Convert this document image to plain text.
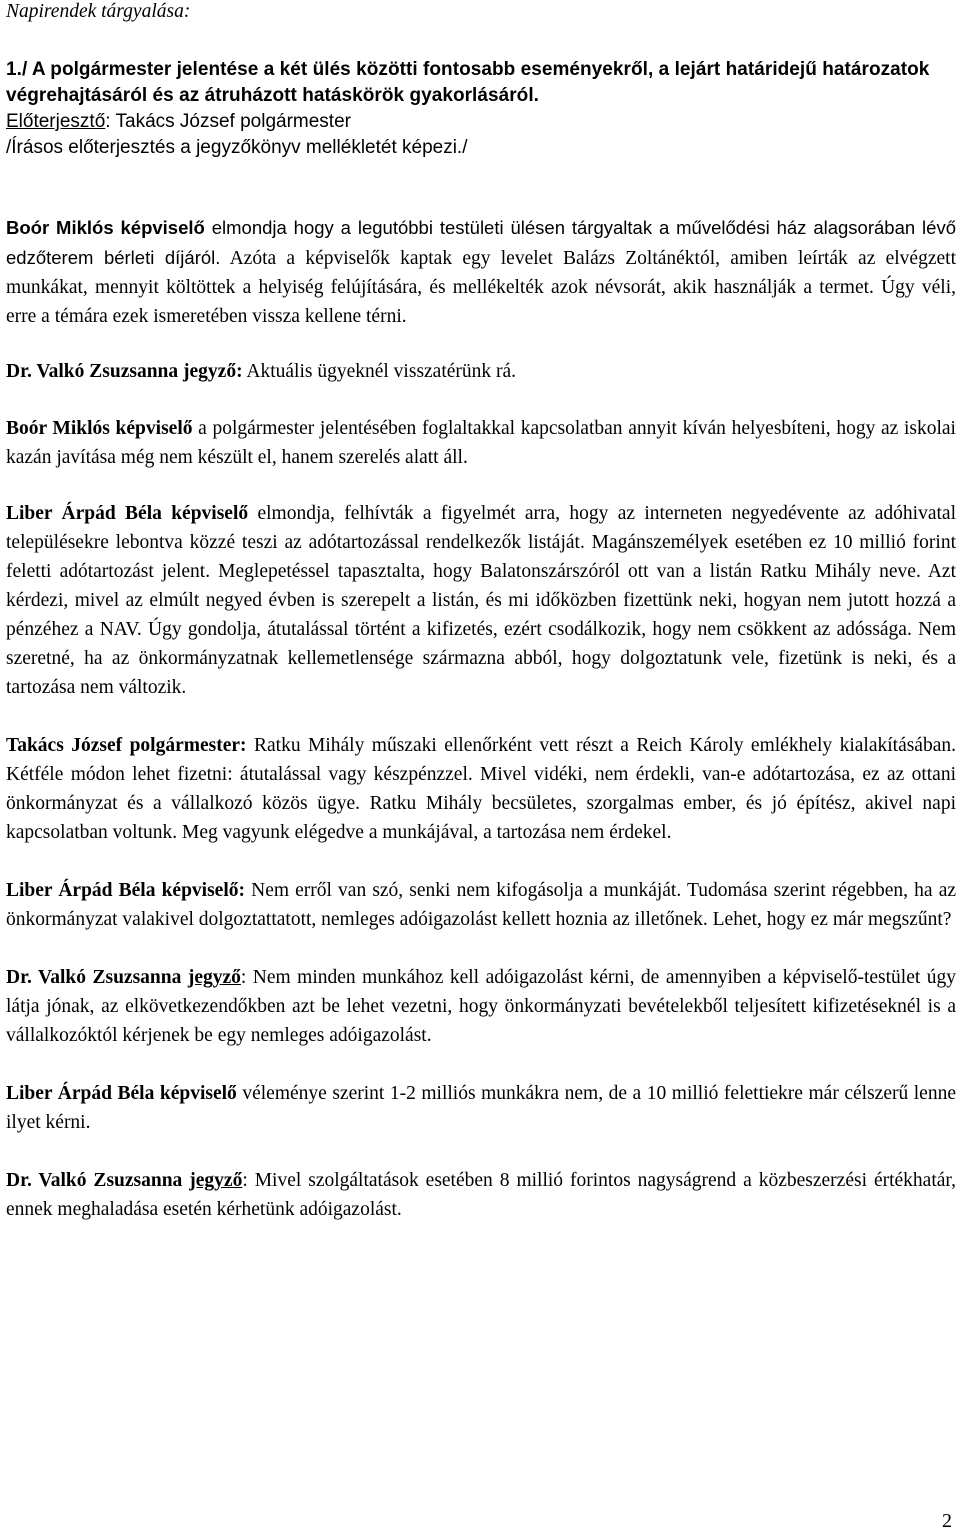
Napirendek tárgyalása:
1./ A polgármester jelentése a két ülés közötti fontosabb eseményekről, a lejárt határidejű határozatok végrehajtásáról és az átruházott hatáskörök gyakorlásáról.
Előterjesztő: Takács József polgármester
/Írásos előterjesztés a jegyzőkönyv mellékletét képezi./

Boór Miklós képviselő elmondja hogy a legutóbbi testületi ülésen tárgyaltak a művelődési ház alagsorában lévő edzőterem bérleti díjáról. Azóta a képviselők kaptak egy levelet Balázs Zoltánéktól, amiben leírták az elvégzett munkákat, mennyit költöttek a helyiség felújítására, és mellékelték azok névsorát, akik használják a termet. Úgy véli, erre a témára ezek ismeretében vissza kellene térni.

Dr. Valkó Zsuzsanna jegyző: Aktuális ügyeknél visszatérünk rá.

Boór Miklós képviselő a polgármester jelentésében foglaltakkal kapcsolatban annyit kíván helyesbíteni, hogy az iskolai kazán javítása még nem készült el, hanem szerelés alatt áll.

Liber Árpád Béla képviselő elmondja, felhívták a figyelmét arra, hogy az interneten negyedévente az adóhivatal településekre lebontva közzé teszi az adótartozással rendelkezők listáját. Magánszemélyek esetében ez 10 millió forint feletti adótartozást jelent. Meglepetéssel tapasztalta, hogy Balatonszárszóról ott van a listán Ratku Mihály neve. Azt kérdezi, mivel az elmúlt negyed évben is szerepelt a listán, és mi időközben fizettünk neki, hogyan nem jutott hozzá a pénzéhez a NAV. Úgy gondolja, átutalással történt a kifizetés, ezért csodálkozik, hogy nem csökkent az adóssága. Nem szeretné, ha az önkormányzatnak kellemetlensége származna abból, hogy dolgoztatunk vele, fizetünk is neki, és a tartozása nem változik.

Takács József polgármester: Ratku Mihály műszaki ellenőrként vett részt a Reich Károly emlékhely kialakításában. Kétféle módon lehet fizetni: átutalással vagy készpénzzel. Mivel vidéki, nem érdekli, van-e adótartozása, ez az ottani önkormányzat és a vállalkozó közös ügye. Ratku Mihály becsületes, szorgalmas ember, és jó építész, akivel napi kapcsolatban voltunk. Meg vagyunk elégedve a munkájával, a tartozása nem érdekel.

Liber Árpád Béla képviselő: Nem erről van szó, senki nem kifogásolja a munkáját. Tudomása szerint régebben, ha az önkormányzat valakivel dolgoztattatott, nemleges adóigazolást kellett hoznia az illetőnek. Lehet, hogy ez már megszűnt?

Dr. Valkó Zsuzsanna jegyző: Nem minden munkához kell adóigazolást kérni, de amennyiben a képviselő-testület úgy látja jónak, az elkövetkezendőkben azt be lehet vezetni, hogy önkormányzati bevételekből teljesített kifizetéseknél is a vállalkozóktól kérjenek be egy nemleges adóigazolást.

Liber Árpád Béla képviselő véleménye szerint 1-2 milliós munkákra nem, de a 10 millió felettiekre már célszerű lenne ilyet kérni.

Dr. Valkó Zsuzsanna jegyző: Mivel szolgáltatások esetében 8 millió forintos nagyságrend a közbeszerzési értékhatár, ennek meghaladása esetén kérhetünk adóigazolást.

2
